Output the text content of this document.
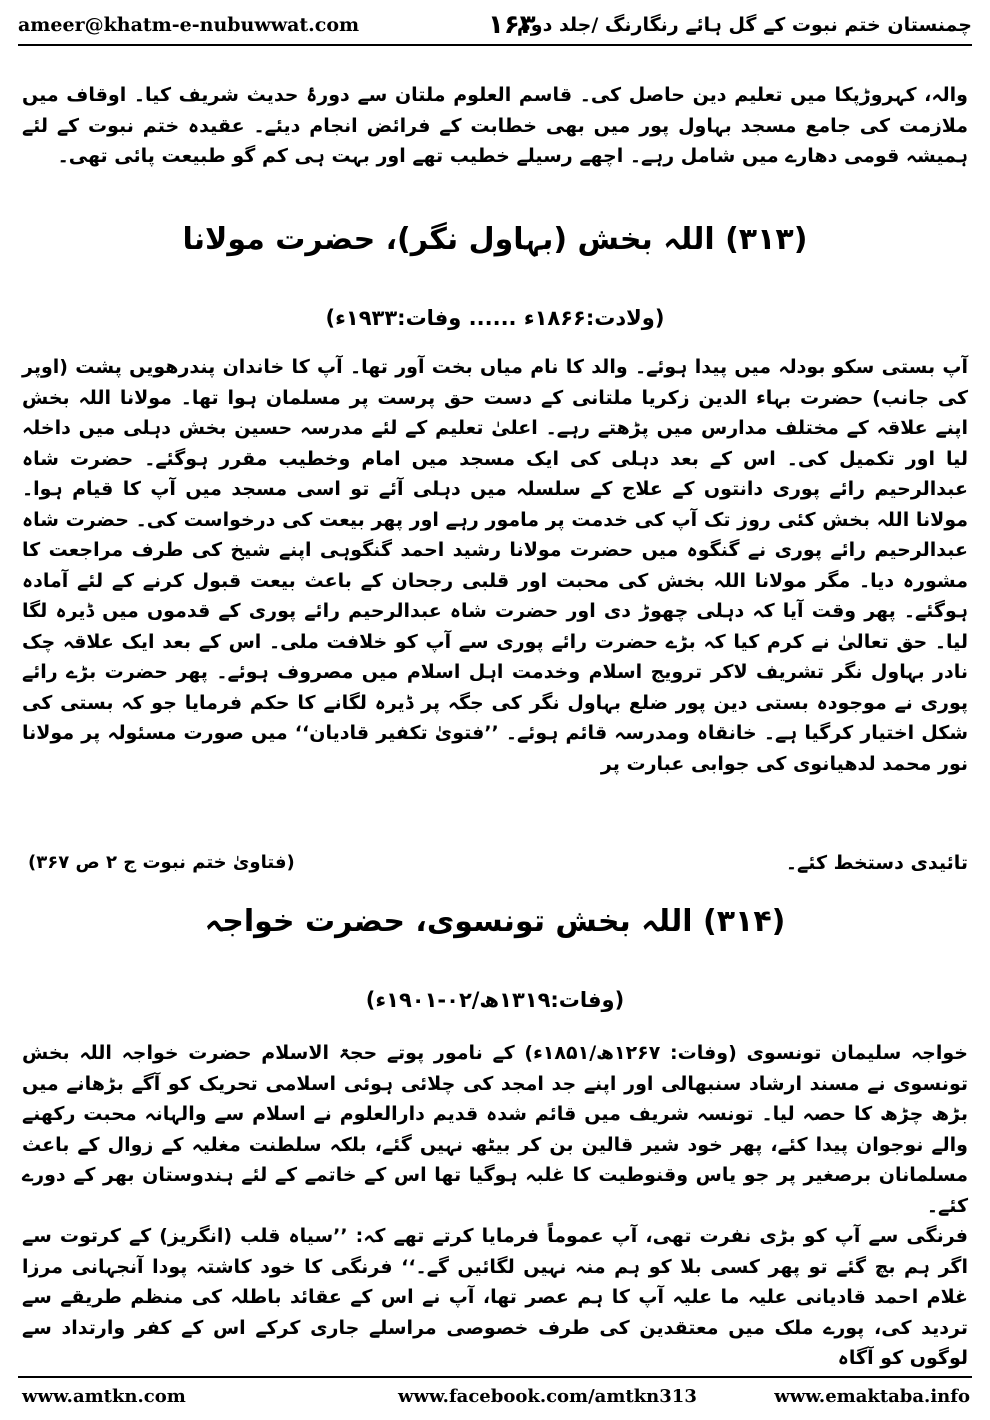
ameer@khatm-e-nubuwwat.com	۱۶۳
چمنستان ختم نبوت کے گل ہائے رنگارنگ /جلد دوم

والہ، کہروڑپکا میں تعلیم دین حاصل کی۔ قاسم العلوم ملتان سے دورۂ حدیث شریف کیا۔ اوقاف میں ملازمت کی جامع مسجد بہاول پور میں بھی خطابت کے فرائض انجام دیئے۔ عقیدہ ختم نبوت کے لئے ہمیشہ قومی دھارے میں شامل رہے۔ اچھے رسیلے خطیب تھے اور بہت ہی کم گو طبیعت پائی تھی۔

(۳۱۳) اللہ بخش (بہاول نگر)، حضرت مولانا
(ولادت:۱۸۶۶ء ...... وفات:۱۹۳۳ء)

آپ بستی سکو بودلہ میں پیدا ہوئے۔ والد کا نام میاں بخت آور تھا۔ آپ کا خاندان پندرھویں پشت (اوپر کی جانب) حضرت بہاء الدین زکریا ملتانی کے دست حق پرست پر مسلمان ہوا تھا۔ مولانا اللہ بخش اپنے علاقہ کے مختلف مدارس میں پڑھتے رہے۔ اعلیٰ تعلیم کے لئے مدرسہ حسین بخش دہلی میں داخلہ لیا اور تکمیل کی۔ اس کے بعد دہلی کی ایک مسجد میں امام وخطیب مقرر ہوگئے۔ حضرت شاہ عبدالرحیم رائے پوری دانتوں کے علاج کے سلسلہ میں دہلی آئے تو اسی مسجد میں آپ کا قیام ہوا۔ مولانا اللہ بخش کئی روز تک آپ کی خدمت پر مامور رہے اور پھر بیعت کی درخواست کی۔ حضرت شاہ عبدالرحیم رائے پوری نے گنگوہ میں حضرت مولانا رشید احمد گنگوہی اپنے شیخ کی طرف مراجعت کا مشورہ دیا۔ مگر مولانا اللہ بخش کی محبت اور قلبی رجحان کے باعث بیعت قبول کرنے کے لئے آمادہ ہوگئے۔ پھر وقت آیا کہ دہلی چھوڑ دی اور حضرت شاہ عبدالرحیم رائے پوری کے قدموں میں ڈیرہ لگا لیا۔ حق تعالیٰ نے کرم کیا کہ بڑے حضرت رائے پوری سے آپ کو خلافت ملی۔ اس کے بعد ایک علاقہ چک نادر بہاول نگر تشریف لاکر ترویج اسلام وخدمت اہل اسلام میں مصروف ہوئے۔ پھر حضرت بڑے رائے پوری نے موجودہ بستی دین پور ضلع بہاول نگر کی جگہ پر ڈیرہ لگانے کا حکم فرمایا جو کہ بستی کی شکل اختیار کرگیا ہے۔ خانقاہ ومدرسہ قائم ہوئے۔ ’’فتویٰ تکفیر قادیان‘‘ میں صورت مسئولہ پر مولانا نور محمد لدھیانوی کی جوابی عبارت پر

تائیدی دستخط کئے۔
(فتاویٰ ختم نبوت ج ۲ ص ۳۶۷)
(۳۱۴) اللہ بخش تونسوی، حضرت خواجہ
(وفات:۱۳۱۹ھ/۰۲-۱۹۰۱ء)

خواجہ سلیمان تونسوی (وفات: ۱۲۶۷ھ/۱۸۵۱ء) کے نامور پوتے حجۃ الاسلام حضرت خواجہ اللہ بخش تونسوی نے مسند ارشاد سنبھالی اور اپنے جد امجد کی چلائی ہوئی اسلامی تحریک کو آگے بڑھانے میں بڑھ چڑھ کا حصہ لیا۔ تونسہ شریف میں قائم شدہ قدیم دارالعلوم نے اسلام سے والہانہ محبت رکھنے والے نوجوان پیدا کئے، پھر خود شیر قالین بن کر بیٹھ نہیں گئے، بلکہ سلطنت مغلیہ کے زوال کے باعث مسلمانان برصغیر پر جو یاس وقنوطیت کا غلبہ ہوگیا تھا اس کے خاتمے کے لئے ہندوستان بھر کے دورے کئے۔

فرنگی سے آپ کو بڑی نفرت تھی، آپ عموماً فرمایا کرتے تھے کہ: ’’سیاہ قلب (انگریز) کے کرتوت سے اگر ہم بچ گئے تو پھر کسی بلا کو ہم منہ نہیں لگائیں گے۔‘‘ فرنگی کا خود کاشتہ پودا آنجہانی مرزا غلام احمد قادیانی علیہ ما علیہ آپ کا ہم عصر تھا، آپ نے اس کے عقائد باطلہ کی منظم طریقے سے تردید کی، پورے ملک میں معتقدین کی طرف خصوصی مراسلے جاری کرکے اس کے کفر وارتداد سے لوگوں کو آگاہ

www.amtkn.com	www.facebook.com/amtkn313	www.emaktaba.info
